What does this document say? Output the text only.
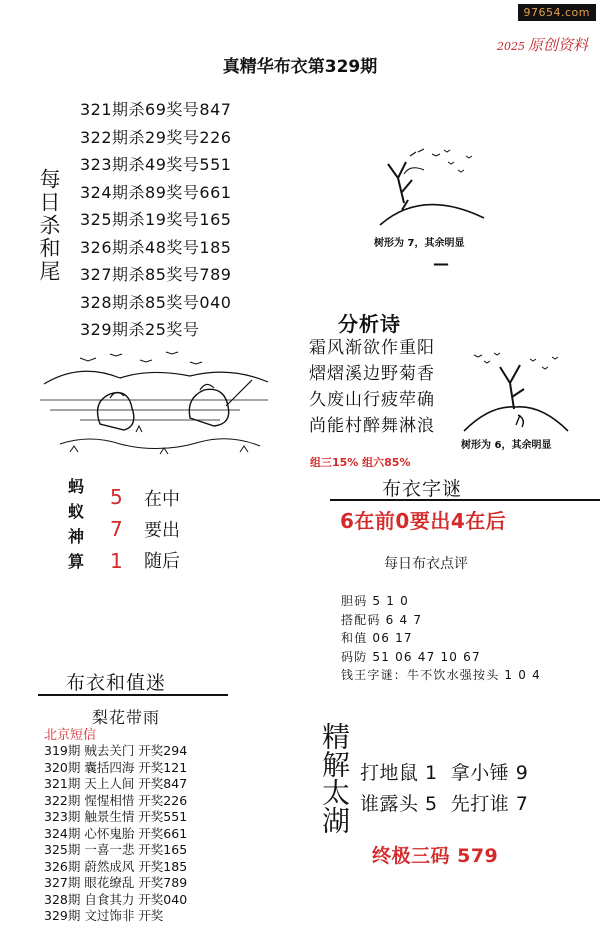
97654.com
2025 原创资料
真精华布衣第329期
每日杀和尾
321期杀69奖号847
322期杀29奖号226
323期杀49奖号551
324期杀89奖号661
325期杀19奖号165
326期杀48奖号185
327期杀85奖号789
328期杀85奖号040
329期杀25奖号
树形为 7，其余明显
—
分析诗
霜风渐欲作重阳
熠熠溪边野菊香
久废山行疲荦确
尚能村醉舞淋浪
树形为 6，其余明显
组三15% 组六85%
蚂蚁神算
5
7
1
在中
要出
随后
布衣字谜
6在前0要出4在后
每日布衣点评
胆码 5 1 0
搭配码 6 4 7
和值 06 17
码防 51 06 47 10 67
钱王字谜：牛不饮水强按头 1 0 4
布衣和值迷
梨花带雨
北京短信
319期 贼去关门 开奖294
320期 囊括四海 开奖121
321期 天上人间 开奖847
322期 惺惺相惜 开奖226
323期 触景生情 开奖551
324期 心怀鬼胎 开奖661
325期 一喜一悲 开奖165
326期 蔚然成风 开奖185
327期 眼花缭乱 开奖789
328期 自食其力 开奖040
329期 文过饰非 开奖
精解太湖 打地鼠 1  拿小锤 9
谁露头 5  先打谁 7
终极三码 579
